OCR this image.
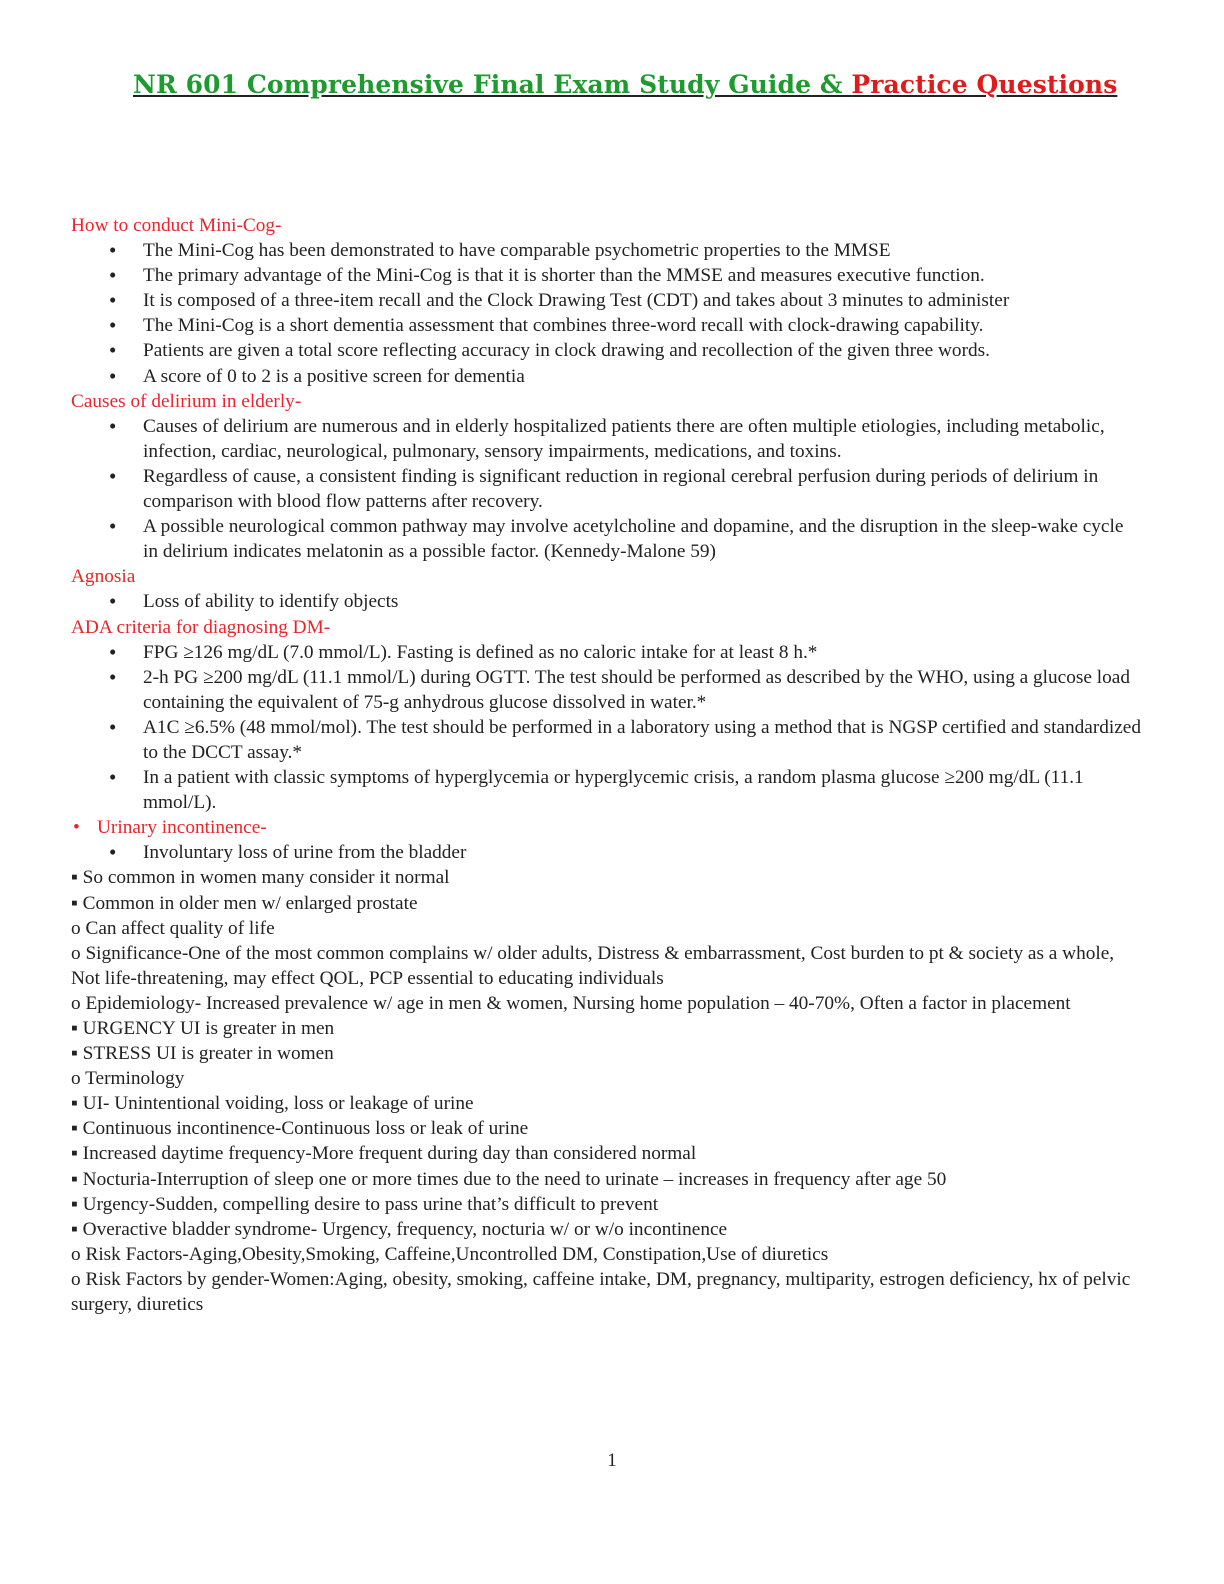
NR 601 Comprehensive Final Exam Study Guide & Practice Questions
How to conduct Mini-Cog-
• The Mini-Cog has been demonstrated to have comparable psychometric properties to the MMSE
• The primary advantage of the Mini-Cog is that it is shorter than the MMSE and measures executive function.
• It is composed of a three-item recall and the Clock Drawing Test (CDT) and takes about 3 minutes to administer
• The Mini-Cog is a short dementia assessment that combines three-word recall with clock-drawing capability.
• Patients are given a total score reflecting accuracy in clock drawing and recollection of the given three words.
• A score of 0 to 2 is a positive screen for dementia
Causes of delirium in elderly-
• Causes of delirium are numerous and in elderly hospitalized patients there are often multiple etiologies, including metabolic, infection, cardiac, neurological, pulmonary, sensory impairments, medications, and toxins.
• Regardless of cause, a consistent finding is significant reduction in regional cerebral perfusion during periods of delirium in comparison with blood flow patterns after recovery.
• A possible neurological common pathway may involve acetylcholine and dopamine, and the disruption in the sleep-wake cycle in delirium indicates melatonin as a possible factor. (Kennedy-Malone 59)
Agnosia
• Loss of ability to identify objects
ADA criteria for diagnosing DM-
• FPG ≥126 mg/dL (7.0 mmol/L). Fasting is defined as no caloric intake for at least 8 h.*
• 2-h PG ≥200 mg/dL (11.1 mmol/L) during OGTT. The test should be performed as described by the WHO, using a glucose load containing the equivalent of 75-g anhydrous glucose dissolved in water.*
• A1C ≥6.5% (48 mmol/mol). The test should be performed in a laboratory using a method that is NGSP certified and standardized to the DCCT assay.*
• In a patient with classic symptoms of hyperglycemia or hyperglycemic crisis, a random plasma glucose ≥200 mg/dL (11.1 mmol/L).
• Urinary incontinence-
• Involuntary loss of urine from the bladder
▪ So common in women many consider it normal
▪ Common in older men w/ enlarged prostate
o Can affect quality of life
o Significance-One of the most common complains w/ older adults, Distress & embarrassment, Cost burden to pt & society as a whole, Not life-threatening, may effect QOL, PCP essential to educating individuals
o Epidemiology- Increased prevalence w/ age in men & women, Nursing home population – 40-70%, Often a factor in placement
▪ URGENCY UI is greater in men
▪ STRESS UI is greater in women
o Terminology
▪ UI- Unintentional voiding, loss or leakage of urine
▪ Continuous incontinence-Continuous loss or leak of urine
▪ Increased daytime frequency-More frequent during day than considered normal
▪ Nocturia-Interruption of sleep one or more times due to the need to urinate – increases in frequency after age 50
▪ Urgency-Sudden, compelling desire to pass urine that’s difficult to prevent
▪ Overactive bladder syndrome- Urgency, frequency, nocturia w/ or w/o incontinence
o Risk Factors-Aging,Obesity,Smoking, Caffeine,Uncontrolled DM, Constipation,Use of diuretics
o Risk Factors by gender-Women:Aging, obesity, smoking, caffeine intake, DM, pregnancy, multiparity, estrogen deficiency, hx of pelvic surgery, diuretics
1
